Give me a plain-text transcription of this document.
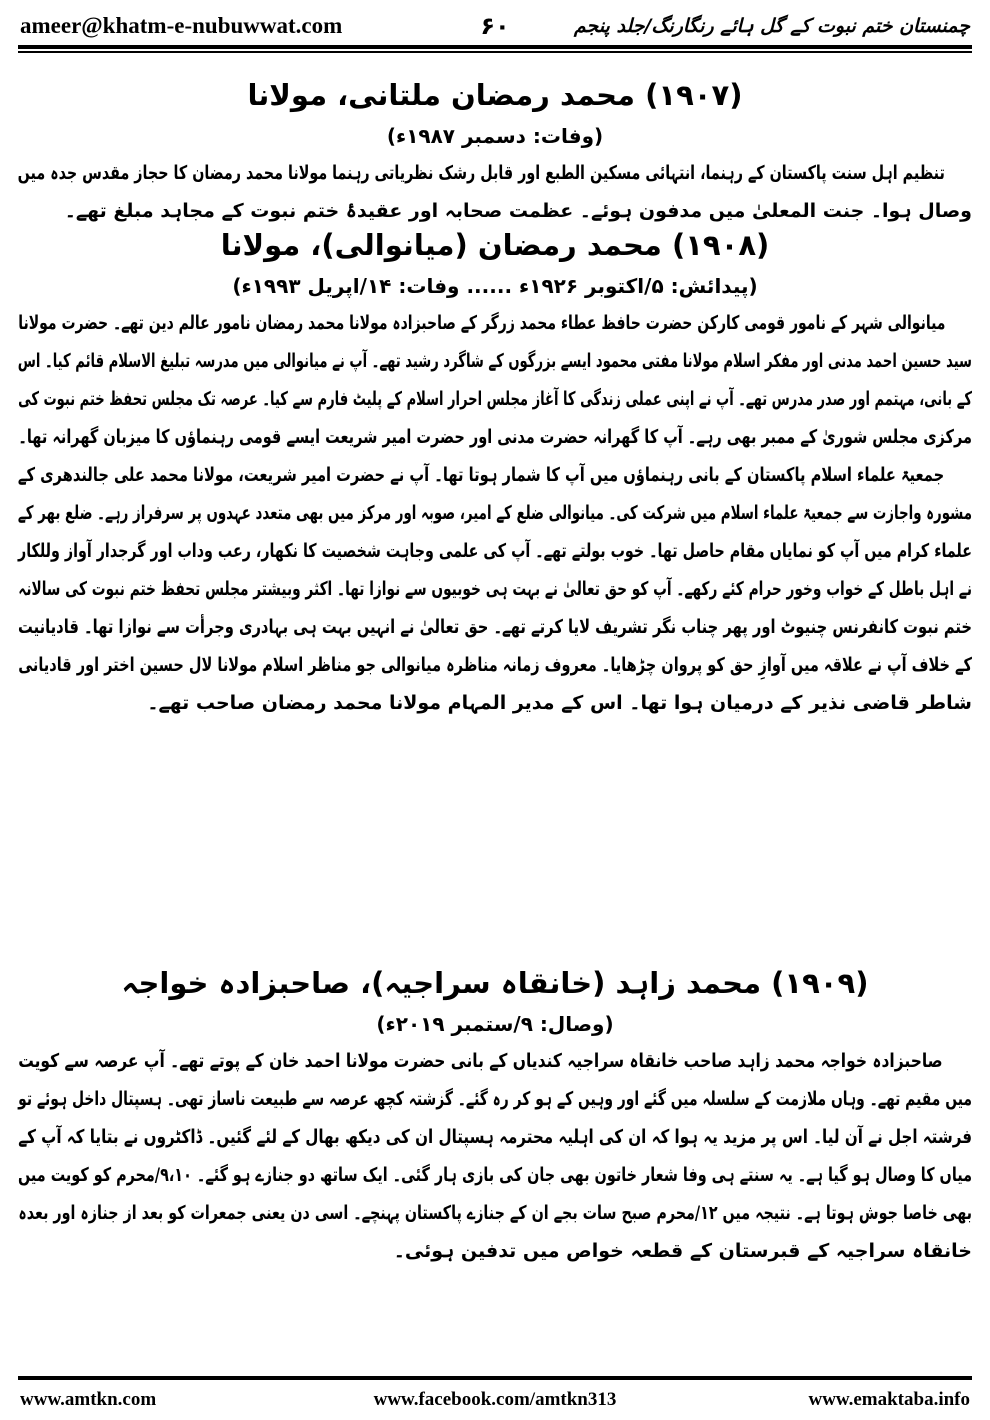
ameer@khatm-e-nubuwwat.com	۶۰	چمنستان ختم نبوت کے گل ہائے رنگارنگ/جلد پنجم
(۱۹۰۷) محمد رمضان ملتانی، مولانا
(وفات: دسمبر ۱۹۸۷ء)
تنظیم اہل سنت پاکستان کے رہنما، انتہائی مسکین الطبع اور قابل رشک نظریاتی رہنما مولانا محمد رمضان کا حجاز مقدس جدہ میں
وصال ہوا۔ جنت المعلیٰ میں مدفون ہوئے۔ عظمت صحابہ اور عقیدۂ ختم نبوت کے مجاہد مبلغ تھے۔
(۱۹۰۸) محمد رمضان (میانوالی)، مولانا
(پیدائش: ۵/اکتوبر ۱۹۲۶ء ...... وفات: ۱۴/اپریل ۱۹۹۳ء)
میانوالی شہر کے نامور قومی کارکن حضرت حافظ عطاء محمد زرگر کے صاحبزادہ مولانا محمد رمضان نامور عالم دین تھے۔ حضرت مولانا
سید حسین احمد مدنی اور مفکر اسلام مولانا مفتی محمود ایسے بزرگوں کے شاگرد رشید تھے۔ آپ نے میانوالی میں مدرسہ تبلیغ الاسلام قائم کیا۔ اس
کے بانی، مہتمم اور صدر مدرس تھے۔ آپ نے اپنی عملی زندگی کا آغاز مجلس احرار اسلام کے پلیٹ فارم سے کیا۔ عرصہ تک مجلس تحفظ ختم نبوت کی
مرکزی مجلس شوریٰ کے ممبر بھی رہے۔ آپ کا گھرانہ حضرت مدنی اور حضرت امیر شریعت ایسے قومی رہنماؤں کا میزبان گھرانہ تھا۔
جمعیۃ علماء اسلام پاکستان کے بانی رہنماؤں میں آپ کا شمار ہوتا تھا۔ آپ نے حضرت امیر شریعت، مولانا محمد علی جالندھری کے
مشورہ واجازت سے جمعیۃ علماء اسلام میں شرکت کی۔ میانوالی ضلع کے امیر، صوبہ اور مرکز میں بھی متعدد عہدوں پر سرفراز رہے۔ ضلع بھر کے
علماء کرام میں آپ کو نمایاں مقام حاصل تھا۔ خوب بولتے تھے۔ آپ کی علمی وجاہت شخصیت کا نکھار، رعب وداب اور گرجدار آواز وللکار
نے اہل باطل کے خواب وخور حرام کئے رکھے۔ آپ کو حق تعالیٰ نے بہت ہی خوبیوں سے نوازا تھا۔ اکثر وبیشتر مجلس تحفظ ختم نبوت کی سالانہ
ختم نبوت کانفرنس چنیوٹ اور پھر چناب نگر تشریف لایا کرتے تھے۔ حق تعالیٰ نے انہیں بہت ہی بہادری وجرأت سے نوازا تھا۔ قادیانیت
کے خلاف آپ نے علاقہ میں آوازِ حق کو پروان چڑھایا۔ معروف زمانہ مناظرہ میانوالی جو مناظر اسلام مولانا لال حسین اختر اور قادیانی
شاطر قاضی نذیر کے درمیان ہوا تھا۔ اس کے مدیر المہام مولانا محمد رمضان صاحب تھے۔
(۱۹۰۹) محمد زاہد (خانقاہ سراجیہ)، صاحبزادہ خواجہ
(وصال: ۹/ستمبر ۲۰۱۹ء)
صاحبزادہ خواجہ محمد زاہد صاحب خانقاہ سراجیہ کندیاں کے بانی حضرت مولانا احمد خان کے پوتے تھے۔ آپ عرصہ سے کویت
میں مقیم تھے۔ وہاں ملازمت کے سلسلہ میں گئے اور وہیں کے ہو کر رہ گئے۔ گزشتہ کچھ عرصہ سے طبیعت ناساز تھی۔ ہسپتال داخل ہوئے تو
فرشتہ اجل نے آن لیا۔ اس پر مزید یہ ہوا کہ ان کی اہلیہ محترمہ ہسپتال ان کی دیکھ بھال کے لئے گئیں۔ ڈاکٹروں نے بتایا کہ آپ کے
میاں کا وصال ہو گیا ہے۔ یہ سنتے ہی وفا شعار خاتون بھی جان کی بازی ہار گئی۔ ایک ساتھ دو جنازے ہو گئے۔ ۹،۱۰/محرم کو کویت میں
بھی خاصا جوش ہوتا ہے۔ نتیجہ میں ۱۲/محرم صبح سات بجے ان کے جنازے پاکستان پہنچے۔ اسی دن یعنی جمعرات کو بعد از جنازہ اور بعدہ
خانقاہ سراجیہ کے قبرستان کے قطعہ خواص میں تدفین ہوئی۔
www.amtkn.com	www.facebook.com/amtkn313	www.emaktaba.info
